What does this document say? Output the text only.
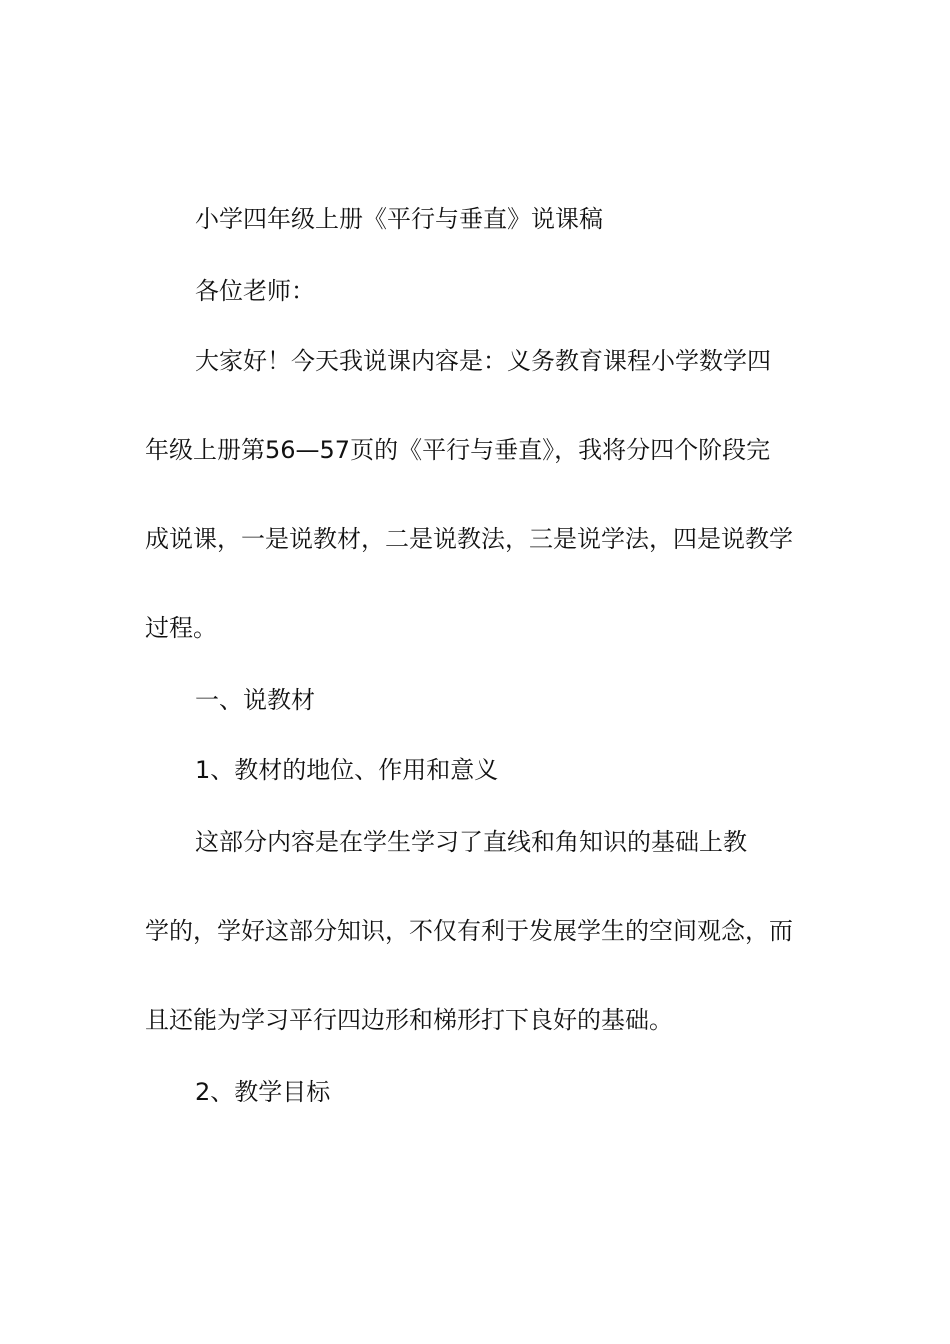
小学四年级上册《平行与垂直》说课稿
各位老师：
大家好！今天我说课内容是：义务教育课程小学数学四
年级上册第56—57页的《平行与垂直》，我将分四个阶段完
成说课，一是说教材，二是说教法，三是说学法，四是说教学
过程。
一、说教材
1、教材的地位、作用和意义
这部分内容是在学生学习了直线和角知识的基础上教
学的，学好这部分知识，不仅有利于发展学生的空间观念，而
且还能为学习平行四边形和梯形打下良好的基础。
2、教学目标
